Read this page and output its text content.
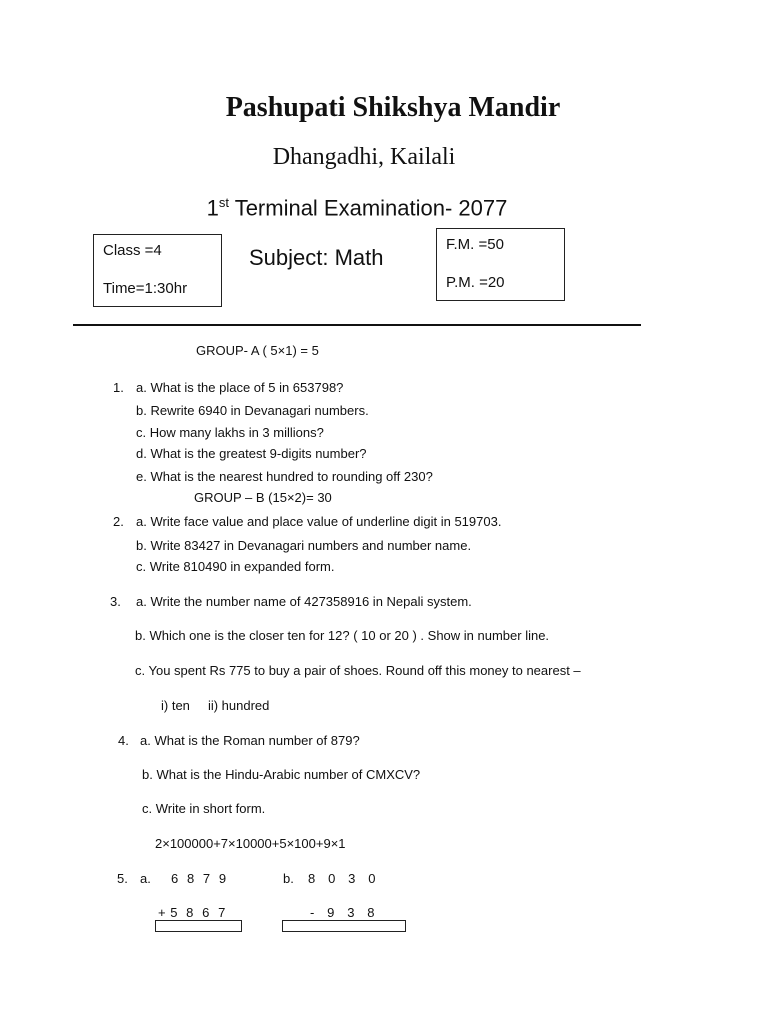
Pashupati Shikshya Mandir
Dhangadhi, Kailali
1st Terminal Examination- 2077
Class =4
Time=1:30hr
Subject: Math
F.M. =50
P.M. =20
GROUP- A ( 5×1) = 5
1. a. What is the place of 5 in 653798?
b. Rewrite 6940 in Devanagari numbers.
c. How many lakhs in 3 millions?
d. What is the greatest 9-digits number?
e. What is the nearest hundred to rounding off 230?
GROUP – B (15×2)= 30
2. a. Write face value and place value of underline digit in 519703.
b. Write 83427 in Devanagari numbers and number name.
c. Write 810490 in expanded form.
3. a. Write the number name of 427358916 in Nepali system.
b. Which one is the closer ten for 12? ( 10 or 20 ) . Show in number line.
c. You spent Rs 775 to buy a pair of shoes. Round off this money to nearest –
i) ten     ii) hundred
4. a. What is the Roman number of 879?
b. What is the Hindu-Arabic number of CMXCV?
c. Write in short form.
2×100000+7×10000+5×100+9×1
5. a. 6  8  7  9	b. 8   0   3   0
+ 5  8  6  7	-   9   3   8
